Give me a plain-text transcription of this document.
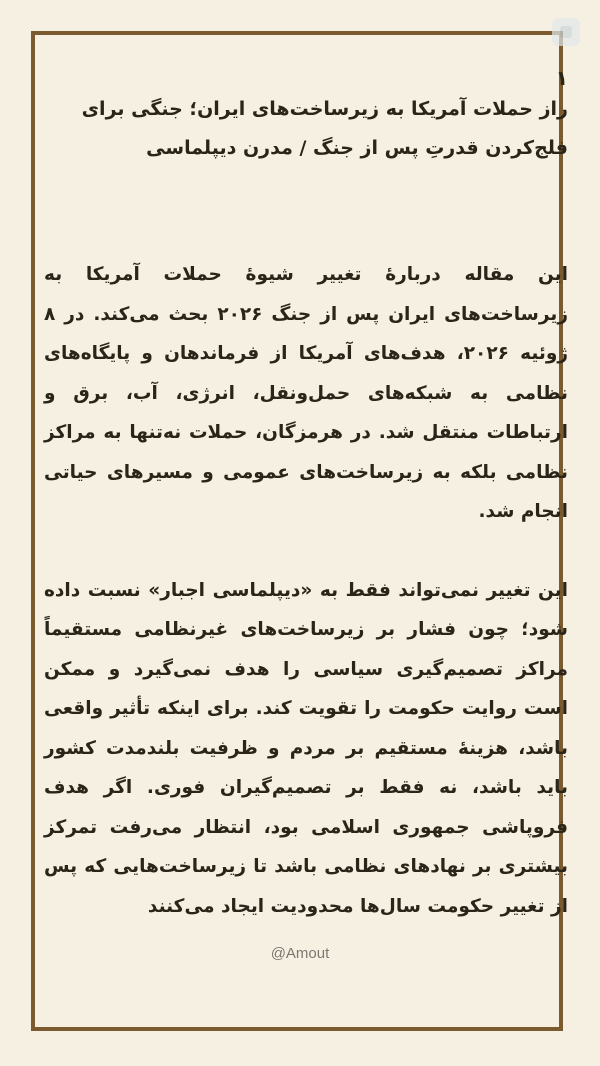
۱

راز حملات آمریکا به زیرساخت‌های ایران؛ جنگی برای فلج‌کردن قدرتِ پس از جنگ / مدرن دیپلماسی

این مقاله دربارهٔ تغییر شیوهٔ حملات آمریکا به زیرساخت‌های ایران پس از جنگ ۲۰۲۶ بحث می‌کند. در ۸ ژوئیه ۲۰۲۶، هدف‌های آمریکا از فرماندهان و پایگاه‌های نظامی به شبکه‌های حمل‌ونقل، انرژی، آب، برق و ارتباطات منتقل شد. در هرمزگان، حملات نه‌تنها به مراکز نظامی بلکه به زیرساخت‌های عمومی و مسیرهای حیاتی انجام شد.

این تغییر نمی‌تواند فقط به «دیپلماسی اجبار» نسبت داده شود؛ چون فشار بر زیرساخت‌های غیرنظامی مستقیماً مراکز تصمیم‌گیری سیاسی را هدف نمی‌گیرد و ممکن است روایت حکومت را تقویت کند. برای اینکه تأثیر واقعی باشد، هزینهٔ مستقیم بر مردم و ظرفیت بلندمدت کشور باید باشد، نه فقط بر تصمیم‌گیران فوری. اگر هدف فروپاشی جمهوری اسلامی بود، انتظار می‌رفت تمرکز بیشتری بر نهادهای نظامی باشد تا زیرساخت‌هایی که پس از تغییر حکومت سال‌ها محدودیت ایجاد می‌کنند

@Amout
